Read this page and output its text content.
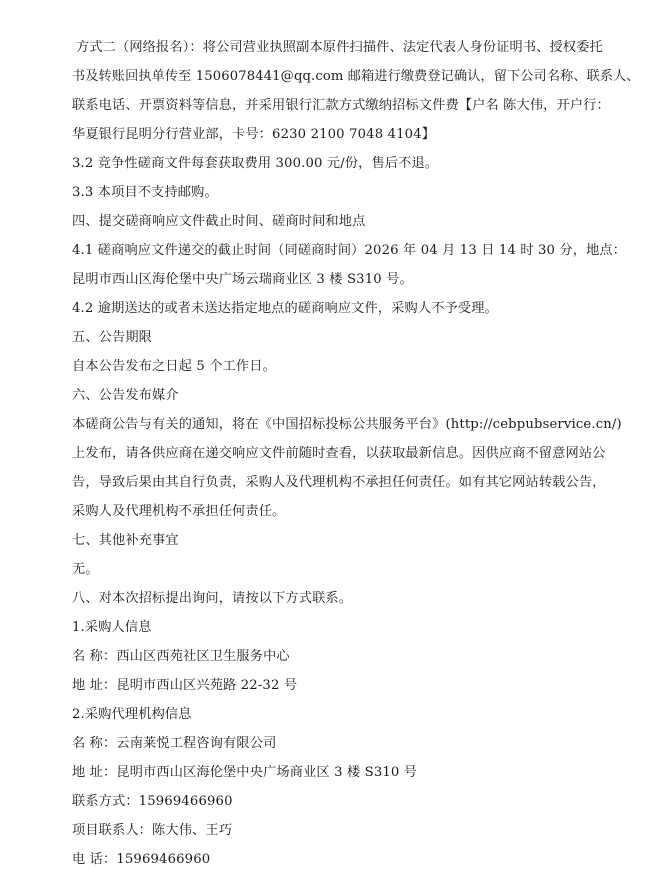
方式二（网络报名）：将公司营业执照副本原件扫描件、法定代表人身份证明书、授权委托
书及转账回执单传至 1506078441@qq.com 邮箱进行缴费登记确认，留下公司名称、联系人、
联系电话、开票资料等信息，并采用银行汇款方式缴纳招标文件费【户名 陈大伟，开户行：
华夏银行昆明分行营业部，卡号：6230 2100 7048 4104】
3.2 竞争性磋商文件每套获取费用 300.00 元/份，售后不退。
3.3 本项目不支持邮购。
四、提交磋商响应文件截止时间、磋商时间和地点
4.1 磋商响应文件递交的截止时间（同磋商时间）2026 年 04 月 13 日 14 时 30 分，地点：
昆明市西山区海伦堡中央广场云瑞商业区 3 楼 S310 号。
4.2 逾期送达的或者未送达指定地点的磋商响应文件，采购人不予受理。
五、公告期限
自本公告发布之日起 5 个工作日。
六、公告发布媒介
本磋商公告与有关的通知，将在《中国招标投标公共服务平台》(http://cebpubservice.cn/)
上发布，请各供应商在递交响应文件前随时查看，以获取最新信息。因供应商不留意网站公
告，导致后果由其自行负责，采购人及代理机构不承担任何责任。如有其它网站转载公告，
采购人及代理机构不承担任何责任。
七、其他补充事宜
无。
八、对本次招标提出询问，请按以下方式联系。
1.采购人信息
名 称：西山区西苑社区卫生服务中心
地 址：昆明市西山区兴苑路 22-32 号
2.采购代理机构信息
名 称：云南莱悦工程咨询有限公司
地 址：昆明市西山区海伦堡中央广场商业区 3 楼 S310 号
联系方式：15969466960
项目联系人：陈大伟、王巧
电 话：15969466960
